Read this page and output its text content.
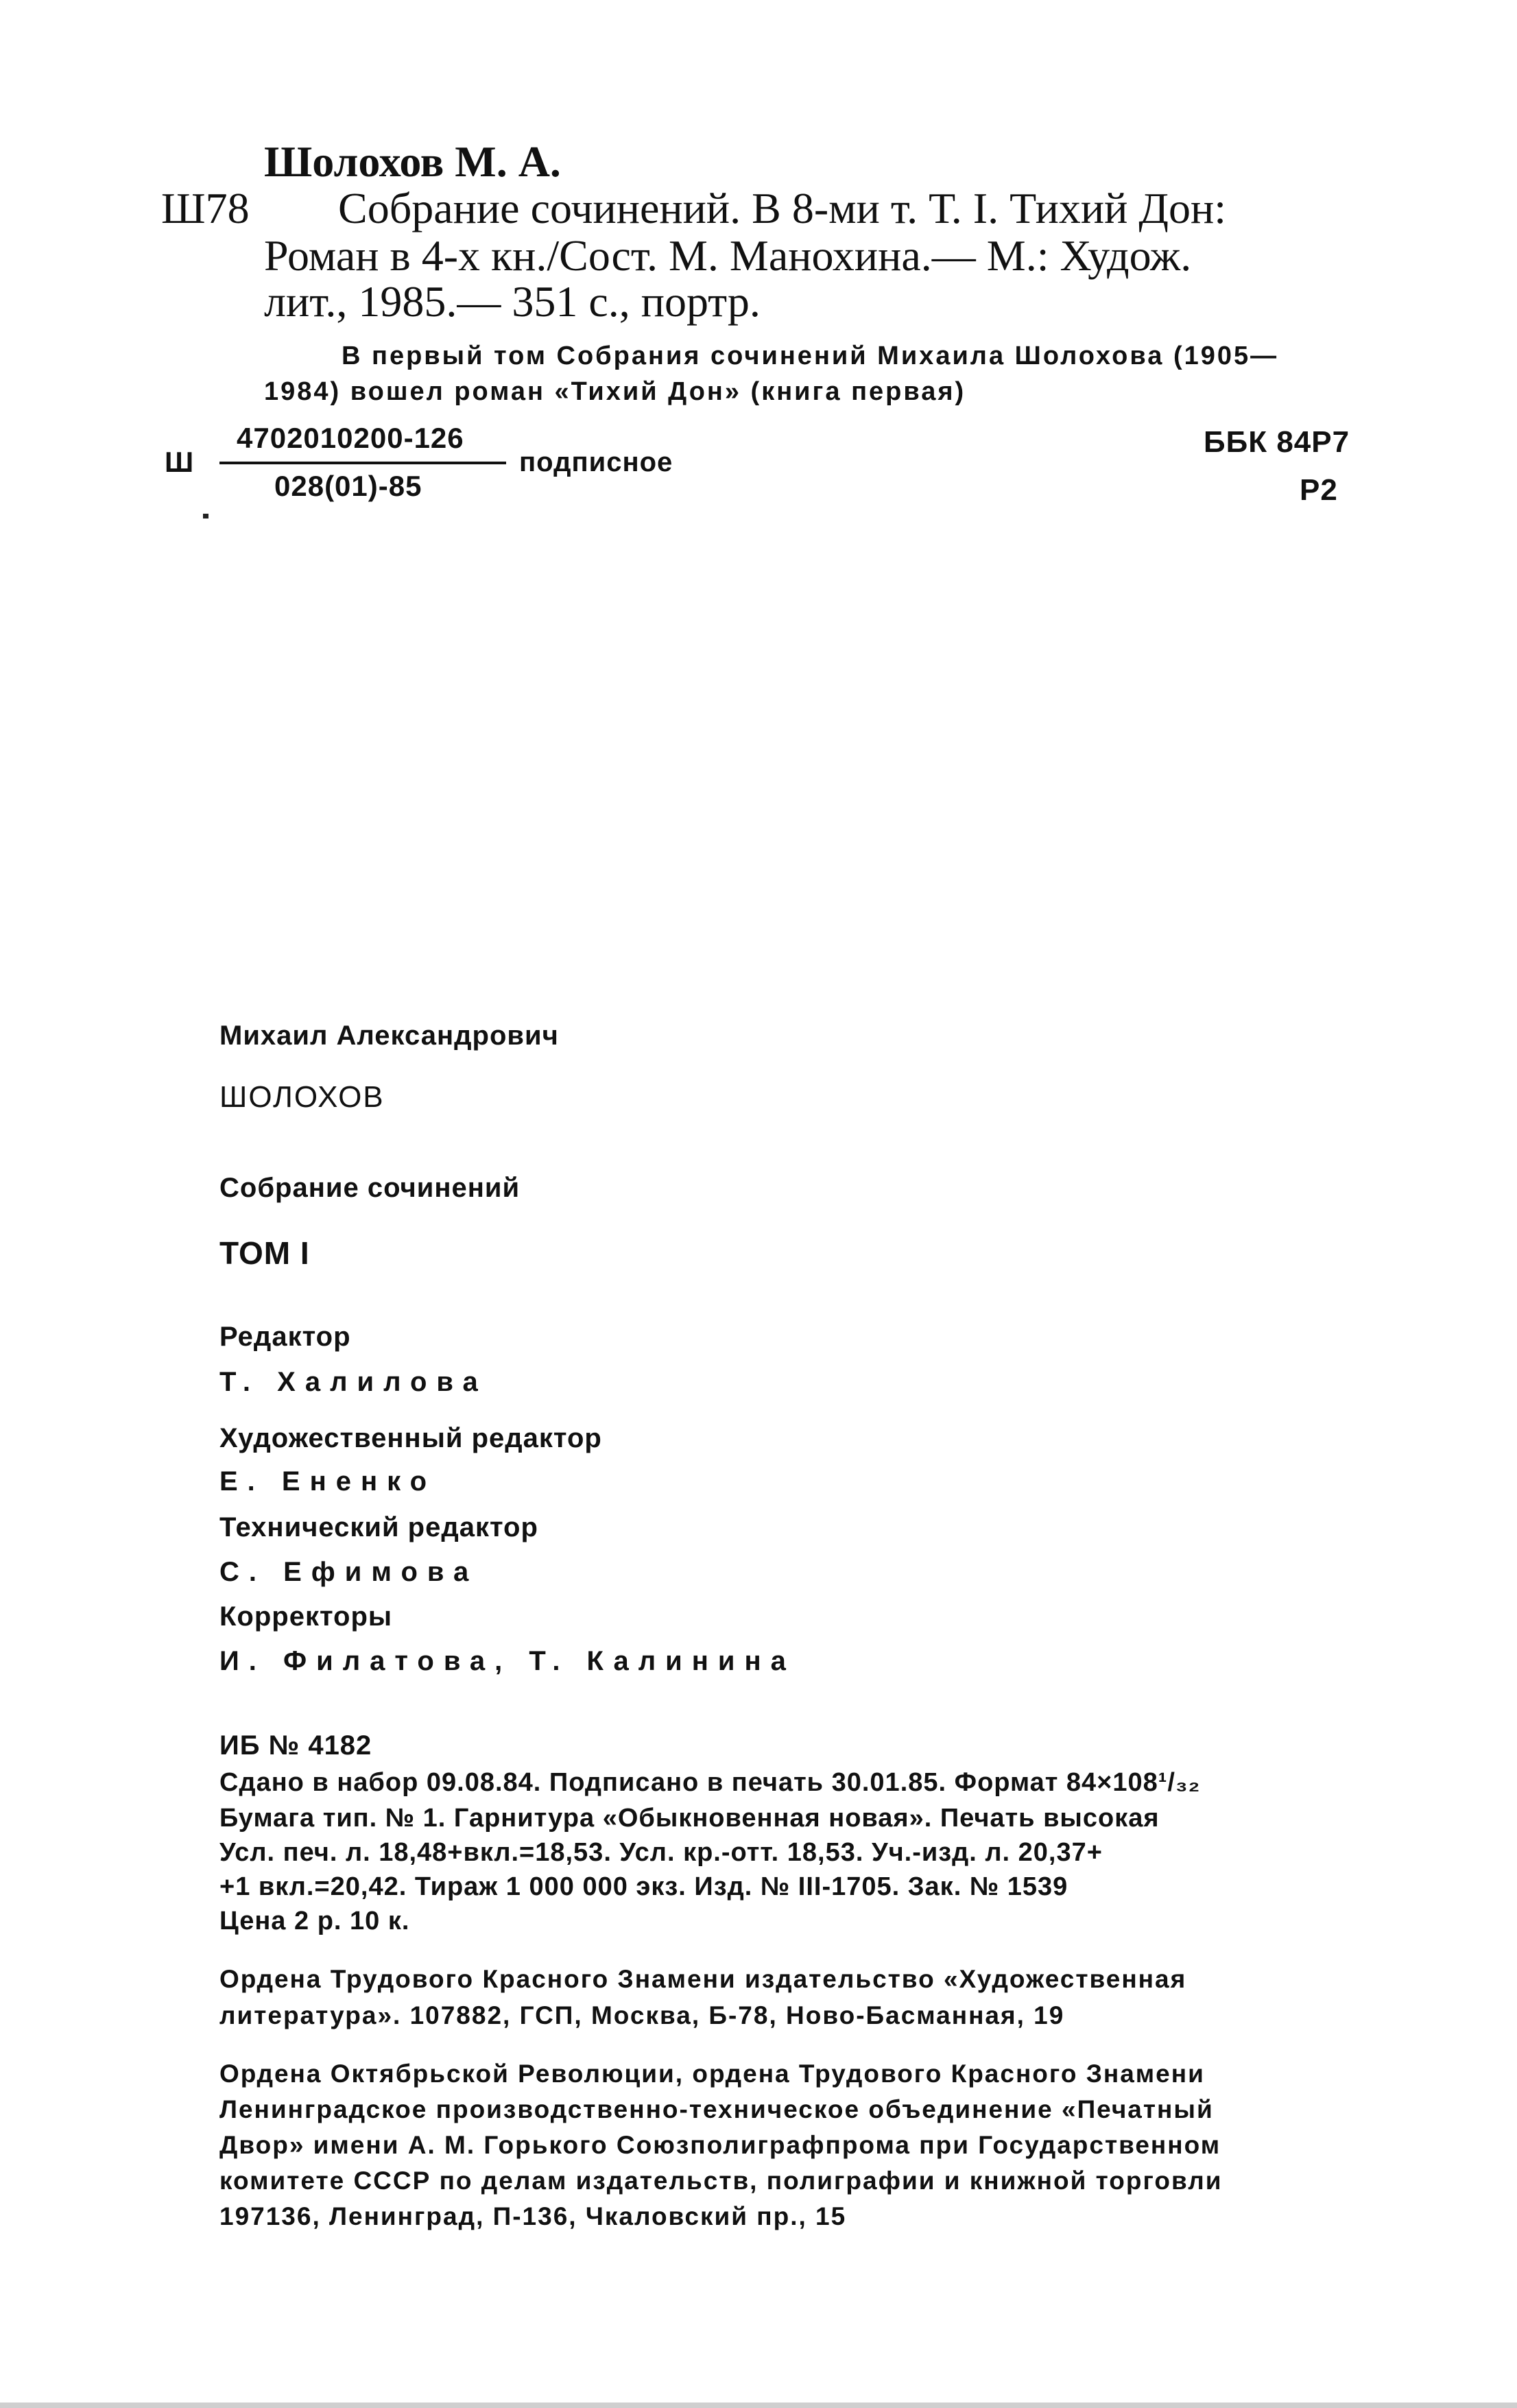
Шолохов М. А.
Ш78 Собрание сочинений. В 8-ми т. Т. I. Тихий Дон:
Роман в 4-х кн./Сост. М. Манохина.— М.: Худож.
лит., 1985.— 351 с., портр.
В первый том Собрания сочинений Михаила Шолохова (1905—
1984) вошел роман «Тихий Дон» (книга первая)
Ш
4702010200-126
028(01)-85
подписное
ББК 84Р7
Р2
Михаил Александрович
ШОЛОХОВ
Собрание сочинений
ТОМ I
Редактор
Т. Халилова
Художественный редактор
Е. Ененко
Технический редактор
С. Ефимова
Корректоры
И. Филатова, Т. Калинина
ИБ № 4182
Сдано в набор 09.08.84. Подписано в печать 30.01.85. Формат 84×108¹/₃₂
Бумага тип. № 1. Гарнитура «Обыкновенная новая». Печать высокая
Усл. печ. л. 18,48+вкл.=18,53. Усл. кр.-отт. 18,53. Уч.-изд. л. 20,37+
+1 вкл.=20,42. Тираж 1 000 000 экз. Изд. № III-1705. Зак. № 1539
Цена 2 р. 10 к.
Ордена Трудового Красного Знамени издательство «Художественная
литература». 107882, ГСП, Москва, Б-78, Ново-Басманная, 19
Ордена Октябрьской Революции, ордена Трудового Красного Знамени
Ленинградское производственно-техническое объединение «Печатный
Двор» имени А. М. Горького Союзполиграфпрома при Государственном
комитете СССР по делам издательств, полиграфии и книжной торговли
197136, Ленинград, П-136, Чкаловский пр., 15
